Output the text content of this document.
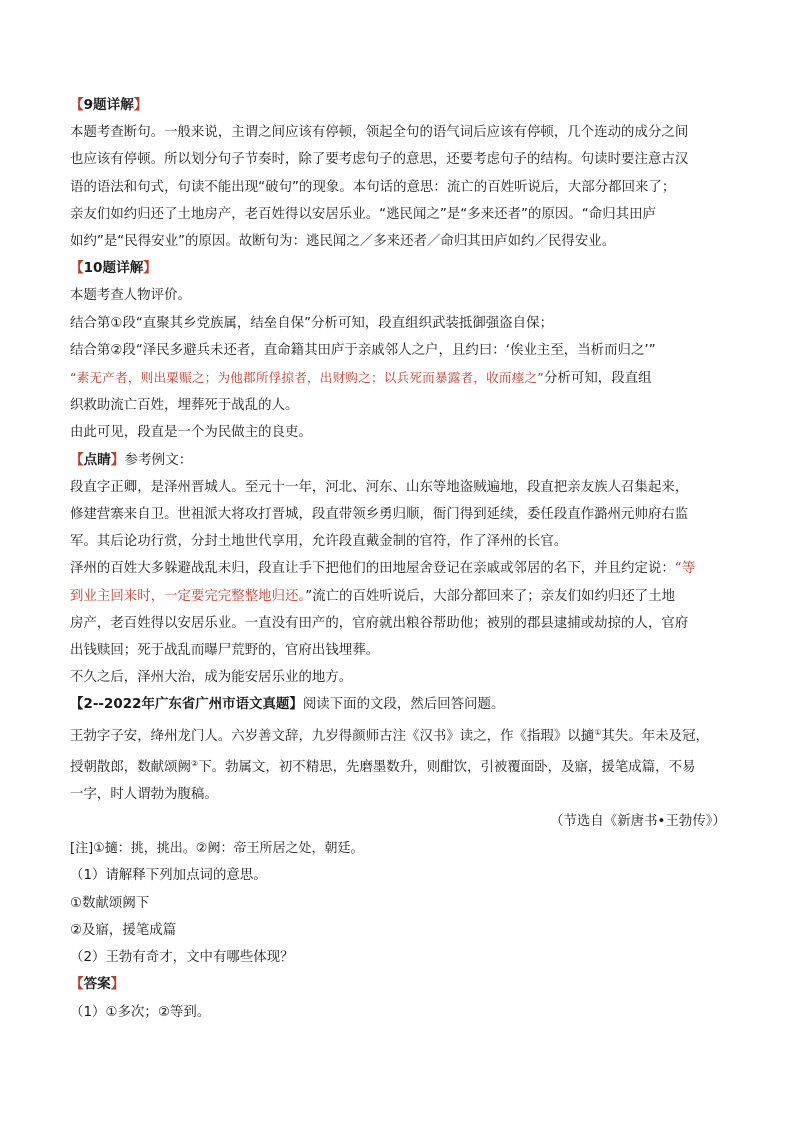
【9题详解】

本题考查断句。一般来说，主谓之间应该有停顿，领起全句的语气词后应该有停顿，几个连动的成分之间

也应该有停顿。所以划分句子节奏时，除了要考虑句子的意思，还要考虑句子的结构。句读时要注意古汉

语的语法和句式，句读不能出现“破句”的现象。本句话的意思：流亡的百姓听说后，大部分都回来了；

亲友们如约归还了土地房产，老百姓得以安居乐业。“逃民闻之”是“多来还者”的原因。“命归其田庐

如约”是“民得安业”的原因。故断句为：逃民闻之／多来还者／命归其田庐如约／民得安业。

【10题详解】

本题考查人物评价。

结合第①段“直聚其乡党族属，结垒自保”分析可知，段直组织武装抵御强盗自保；

结合第②段“泽民多避兵未还者，直命籍其田庐于亲戚邻人之户，且约曰：‘俟业主至，当析而归之’”

“素无产者，则出粟赈之；为他郡所俘掠者，出财购之；以兵死而暴露者，收而瘗之”分析可知，段直组

织救助流亡百姓，埋葬死于战乱的人。

由此可见，段直是一个为民做主的良吏。

【点睛】参考例文：

段直字正卿，是泽州晋城人。至元十一年，河北、河东、山东等地盗贼遍地，段直把亲友族人召集起来，

修建营寨来自卫。世祖派大将攻打晋城，段直带领乡勇归顺，衙门得到延续，委任段直作潞州元帅府右监

军。其后论功行赏，分封土地世代享用，允许段直戴金制的官符，作了泽州的长官。

泽州的百姓大多躲避战乱未归，段直让手下把他们的田地屋舍登记在亲戚或邻居的名下，并且约定说：“等

到业主回来时，一定要完完整整地归还。”流亡的百姓听说后，大部分都回来了；亲友们如约归还了土地

房产，老百姓得以安居乐业。一直没有田产的，官府就出粮谷帮助他；被别的郡县逮捕或劫掠的人，官府

出钱赎回；死于战乱而曝尸荒野的，官府出钱埋葬。

不久之后，泽州大治，成为能安居乐业的地方。

【2--2022年广东省广州市语文真题】阅读下面的文段，然后回答问题。

王勃字子安，绛州龙门人。六岁善文辞，九岁得颜师古注《汉书》读之，作《指瑕》以擿①其失。年未及冠，

授朝散郎，数献颂阙②下。勃属文，初不精思，先磨墨数升，则酣饮，引被覆面卧，及寤，援笔成篇，不易

一字，时人谓勃为腹稿。

（节选自《新唐书•王勃传》）

[注]①擿：挑，挑出。②阙：帝王所居之处，朝廷。

（1）请解释下列加点词的意思。

①数献颂阙下

②及寤，援笔成篇

（2）王勃有奇才，文中有哪些体现？

【答案】

（1）①多次；②等到。
